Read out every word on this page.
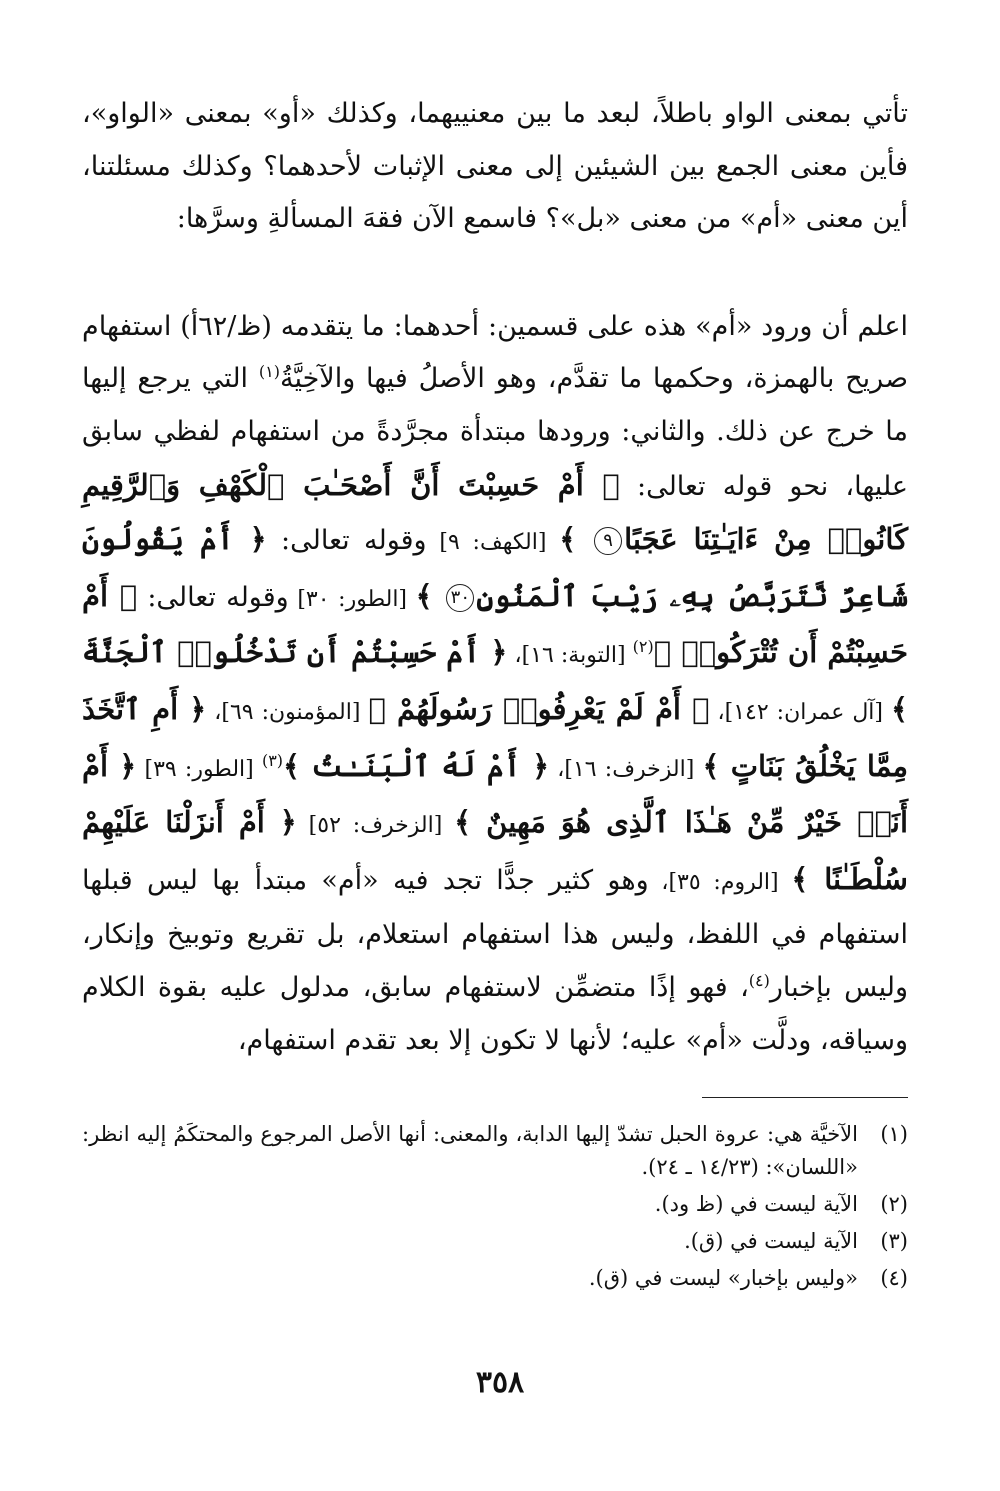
تأتي بمعنى الواو باطلاً، لبعد ما بين معنييهما، وكذلك «أو» بمعنى «الواو»، فأين معنى الجمع بين الشيئين إلى معنى الإثبات لأحدهما؟ وكذلك مسئلتنا، أين معنى «أم» من معنى «بل»؟ فاسمع الآن فقهَ المسألةِ وسرَّها:

اعلم أن ورود «أم» هذه على قسمين: أحدهما: ما يتقدمه (ظ/٦٢أ) استفهام صريح بالهمزة، وحكمها ما تقدَّم، وهو الأصلُ فيها والآخِيَّةُ$^{(١)}$ التي يرجع إليها ما خرج عن ذلك. والثاني: ورودها مبتدأة مجرَّدةً من استفهام لفظي سابق عليها، نحو قوله تعالى: ﴿ أَمْ حَسِبْتَ أَنَّ أَصْحَـٰبَ ٱلْكَهْفِ وَٱلرَّقِيمِ كَانُوا۟ مِنْ ءَايَـٰتِنَا عَجَبًا٩ ﴾ [الكهف: ٩] وقوله تعالى: ﴿ أَمْ يَقُولُونَ شَاعِرٌ نَّتَرَبَّصُ بِهِۦ رَيْبَ ٱلْمَنُونِ٣٠ ﴾ [الطور: ٣٠] وقوله تعالى: ﴿ أَمْ حَسِبْتُمْ أَن تُتْرَكُوا۟ ﴾$^{(٢)}$ [التوبة: ١٦]، ﴿ أَمْ حَسِبْتُمْ أَن تَدْخُلُوا۟ ٱلْجَنَّةَ ﴾ [آل عمران: ١٤٢]، ﴿ أَمْ لَمْ يَعْرِفُوا۟ رَسُولَهُمْ ﴾ [المؤمنون: ٦٩]، ﴿ أَمِ ٱتَّخَذَ مِمَّا يَخْلُقُ بَنَاتٍ ﴾ [الزخرف: ١٦]، ﴿ أَمْ لَهُ ٱلْبَنَـٰتُ ﴾$^{(٣)}$ [الطور: ٣٩] ﴿ أَمْ أَنَا۠ خَيْرٌ مِّنْ هَـٰذَا ٱلَّذِى هُوَ مَهِينٌ ﴾ [الزخرف: ٥٢] ﴿ أَمْ أَنزَلْنَا عَلَيْهِمْ سُلْطَـٰنًا ﴾ [الروم: ٣٥]، وهو كثير جدًّا تجد فيه «أم» مبتدأ بها ليس قبلها استفهام في اللفظ، وليس هذا استفهام استعلام، بل تقريع وتوبيخ وإنكار، وليس بإخبار$^{(٤)}$، فهو إذًا متضمِّن لاستفهام سابق، مدلول عليه بقوة الكلام وسياقه، ودلَّت «أم» عليه؛ لأنها لا تكون إلا بعد تقدم استفهام،

(١)
الآخيَّة هي: عروة الحبل تشدّ إليها الدابة، والمعنى: أنها الأصل المرجوع والمحتكَمُ إليه انظر: «اللسان»: (١٤/٢٣ ـ ٢٤).
(٢)
الآية ليست في (ظ ود).
(٣)
الآية ليست في (ق).
(٤)
«وليس بإخبار» ليست في (ق).
٣٥٨
